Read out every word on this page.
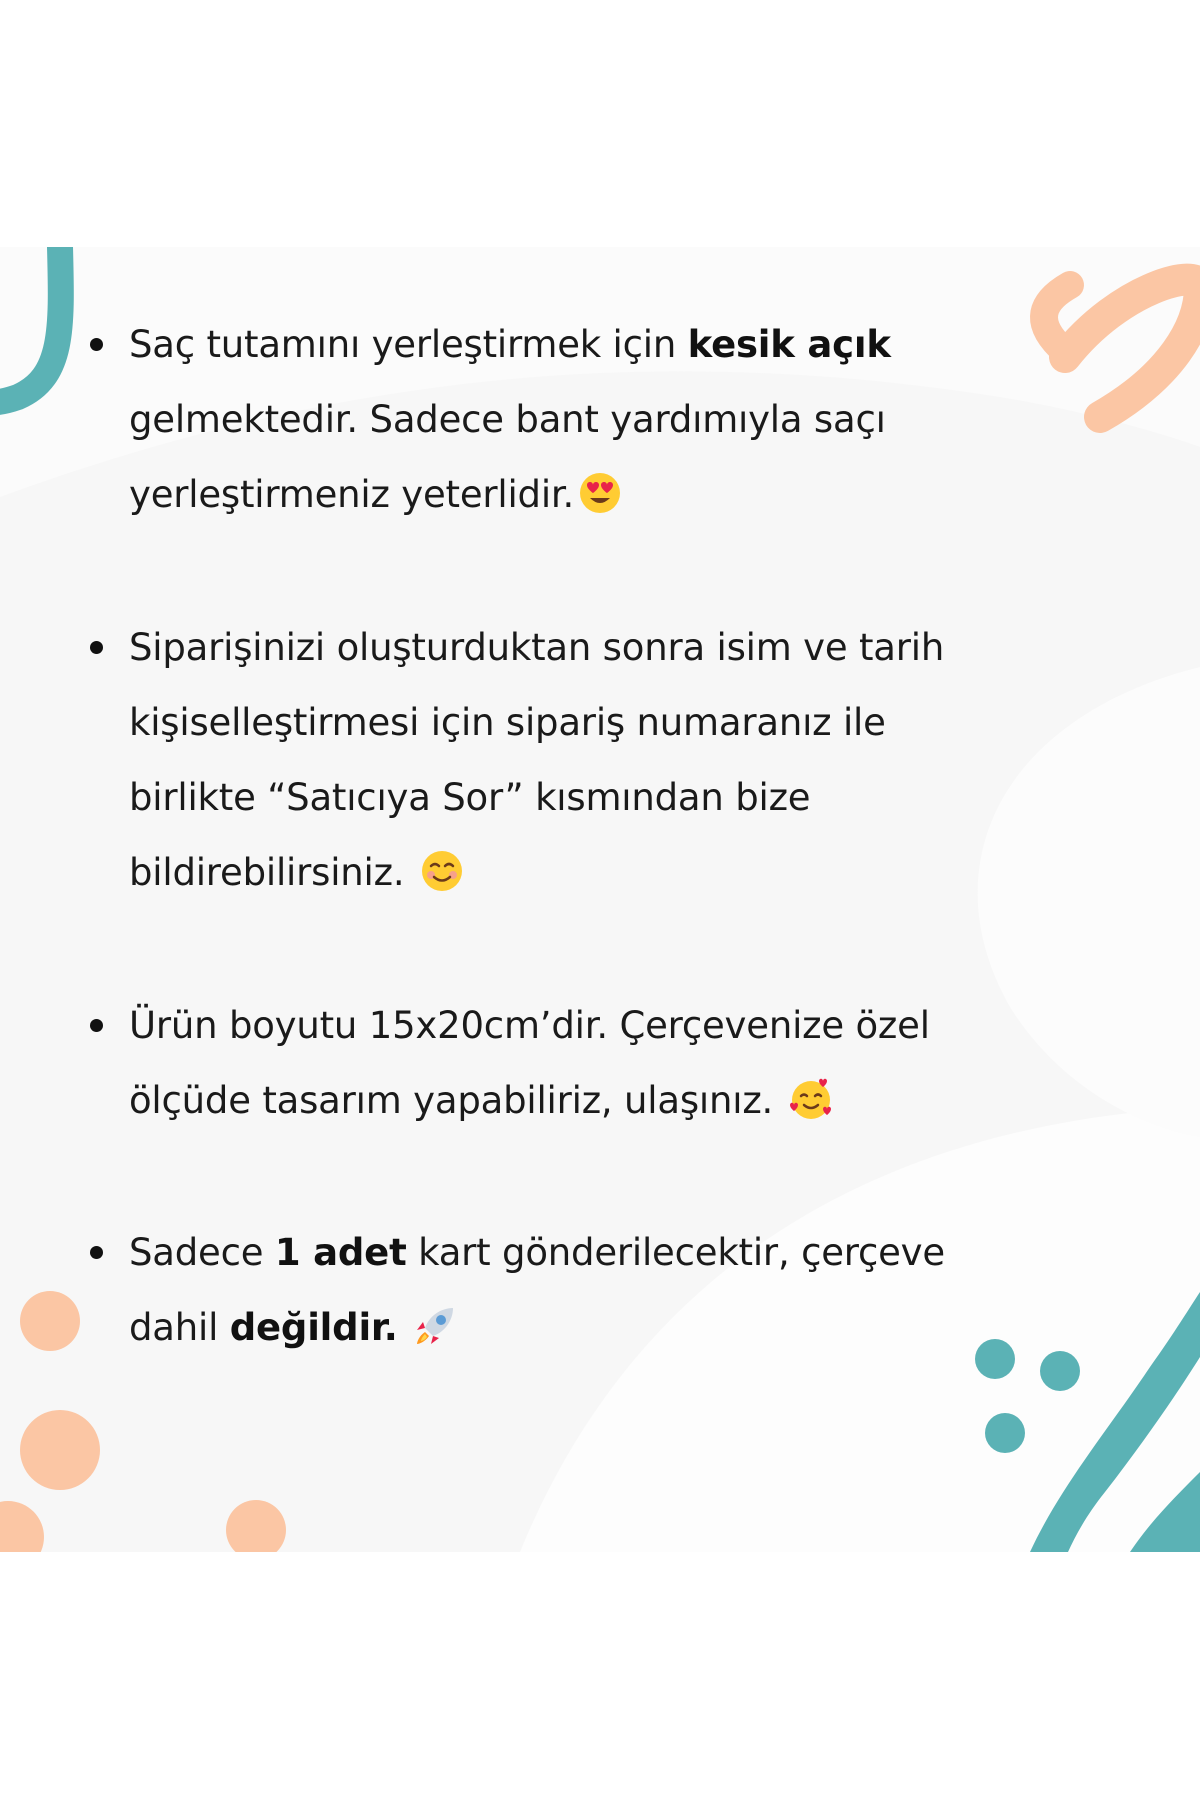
Saç tutamını yerleştirmek için kesik açık
gelmektedir. Sadece bant yardımıyla saçı
yerleştirmeniz yeterlidir.
Siparişinizi oluşturduktan sonra isim ve tarih
kişiselleştirmesi için sipariş numaranız ile
birlikte “Satıcıya Sor” kısmından bize
bildirebilirsiniz.
Ürün boyutu 15x20cm’dir. Çerçevenize özel
ölçüde tasarım yapabiliriz, ulaşınız.
Sadece 1 adet kart gönderilecektir, çerçeve
dahil değildir.
